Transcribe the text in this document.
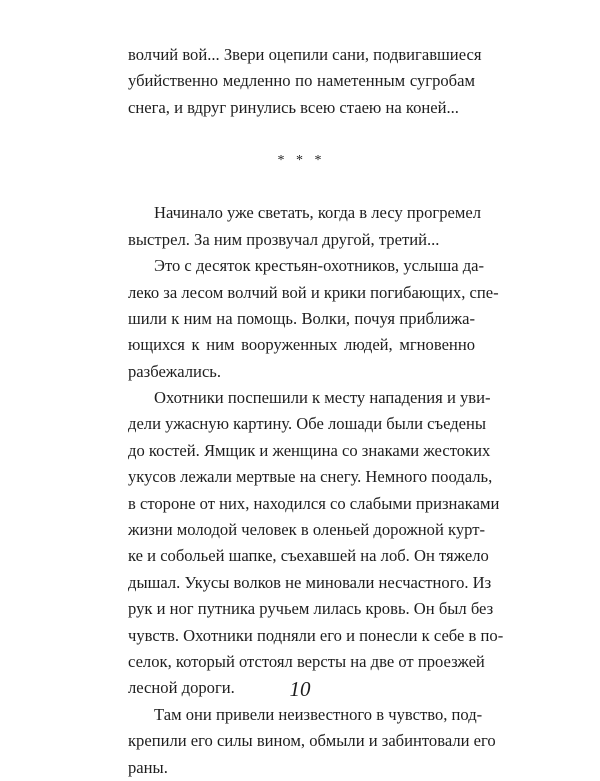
волчий вой... Звери оцепили сани, подвигавшиеся
убийственно медленно по наметенным сугробам
снега, и вдруг ринулись всею стаею на коней...
* * *
Начинало уже светать, когда в лесу прогремел
выстрел. За ним прозвучал другой, третий...
Это с десяток крестьян-охотников, услыша да-
леко за лесом волчий вой и крики погибающих, спе-
шили к ним на помощь. Волки, почуя приближа-
ющихся к ним вооруженных людей, мгновенно
разбежались.
Охотники поспешили к месту нападения и уви-
дели ужасную картину. Обе лошади были съедены
до костей. Ямщик и женщина со знаками жестоких
укусов лежали мертвые на снегу. Немного поодаль,
в стороне от них, находился со слабыми признаками
жизни молодой человек в оленьей дорожной курт-
ке и собольей шапке, съехавшей на лоб. Он тяжело
дышал. Укусы волков не миновали несчастного. Из
рук и ног путника ручьем лилась кровь. Он был без
чувств. Охотники подняли его и понесли к себе в по-
селок, который отстоял версты на две от проезжей
лесной дороги.
Там они привели неизвестного в чувство, под-
крепили его силы вином, обмыли и забинтовали его
раны.
10
